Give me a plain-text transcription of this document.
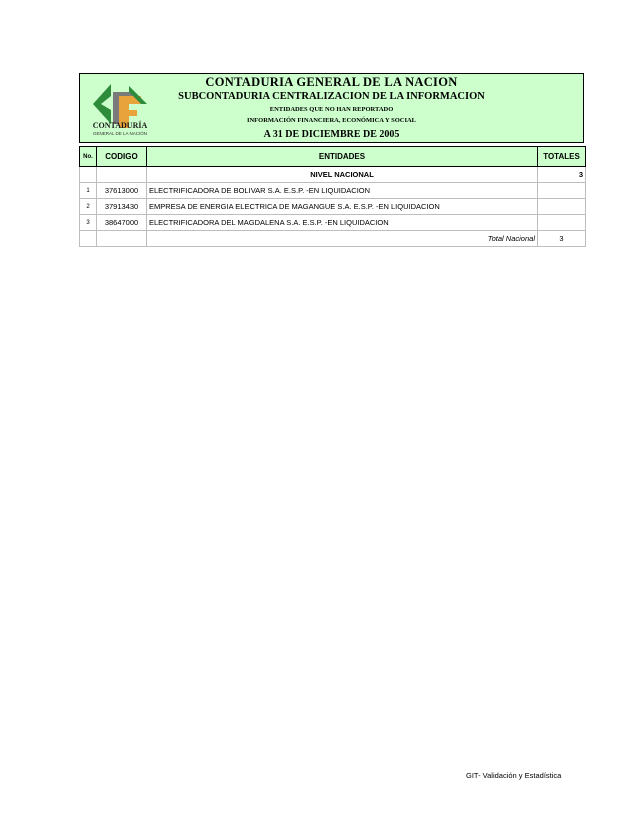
CONTADURÍA
GENERAL DE LA NACIÓN
CONTADURIA GENERAL DE LA NACION
SUBCONTADURIA CENTRALIZACION DE LA INFORMACION
ENTIDADES QUE NO HAN REPORTADO
INFORMACIÓN FINANCIERA, ECONÓMICA Y SOCIAL
A 31 DE DICIEMBRE DE 2005
No.	CODIGO	ENTIDADES	TOTALES
		NIVEL NACIONAL	3
1	37613000	ELECTRIFICADORA DE BOLIVAR S.A. E.S.P. -EN LIQUIDACION	
2	37913430	EMPRESA DE ENERGIA ELECTRICA DE MAGANGUE S.A. E.S.P. -EN LIQUIDACION	
3	38647000	ELECTRIFICADORA DEL MAGDALENA S.A. E.S.P. -EN LIQUIDACION	
		Total Nacional	3
GIT- Validación y Estadística
